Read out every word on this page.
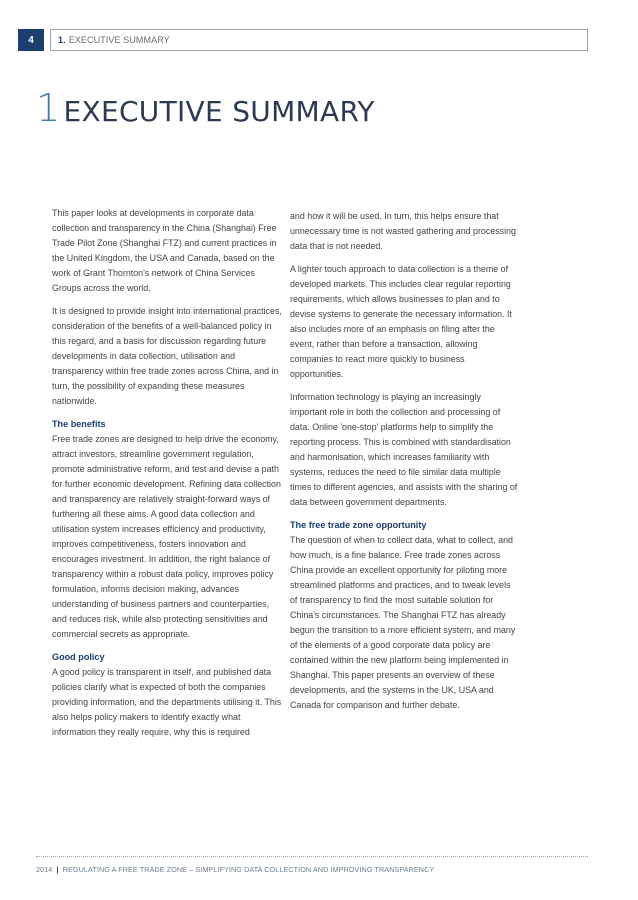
4	1. EXECUTIVE SUMMARY
1 EXECUTIVE SUMMARY

This paper looks at developments in corporate data collection and transparency in the China (Shanghai) Free Trade Pilot Zone (Shanghai FTZ) and current practices in the United Kingdom, the USA and Canada, based on the work of Grant Thornton's network of China Services Groups across the world.

It is designed to provide insight into international practices, consideration of the benefits of a well-balanced policy in this regard, and a basis for discussion regarding future developments in data collection, utilisation and transparency within free trade zones across China, and in turn, the possibility of expanding these measures nationwide.

The benefits

Free trade zones are designed to help drive the economy, attract investors, streamline government regulation, promote administrative reform, and test and devise a path for further economic development. Refining data collection and transparency are relatively straight-forward ways of furthering all these aims. A good data collection and utilisation system increases efficiency and productivity, improves competitiveness, fosters innovation and encourages investment. In addition, the right balance of transparency within a robust data policy, improves policy formulation, informs decision making, advances understanding of business partners and counterparties, and reduces risk, while also protecting sensitivities and commercial secrets as appropriate.

Good policy

A good policy is transparent in itself, and published data policies clarify what is expected of both the companies providing information, and the departments utilising it. This also helps policy makers to identify exactly what information they really require, why this is required

and how it will be used. In turn, this helps ensure that unnecessary time is not wasted gathering and processing data that is not needed.

A lighter touch approach to data collection is a theme of developed markets. This includes clear regular reporting requirements, which allows businesses to plan and to devise systems to generate the necessary information. It also includes more of an emphasis on filing after the event, rather than before a transaction, allowing companies to react more quickly to business opportunities.

Information technology is playing an increasingly important role in both the collection and processing of data. Online 'one-stop' platforms help to simplify the reporting process. This is combined with standardisation and harmonisation, which increases familiarity with systems, reduces the need to file similar data multiple times to different agencies, and assists with the sharing of data between government departments.

The free trade zone opportunity

The question of when to collect data, what to collect, and how much, is a fine balance. Free trade zones across China provide an excellent opportunity for piloting more streamlined platforms and practices, and to tweak levels of transparency to find the most suitable solution for China's circumstances. The Shanghai FTZ has already begun the transition to a more efficient system, and many of the elements of a good corporate data policy are contained within the new platform being implemented in Shanghai. This paper presents an overview of these developments, and the systems in the UK, USA and Canada for comparison and further debate.

2014 | REGULATING A FREE TRADE ZONE – SIMPLIFYING DATA COLLECTION AND IMPROVING TRANSPARENCY
